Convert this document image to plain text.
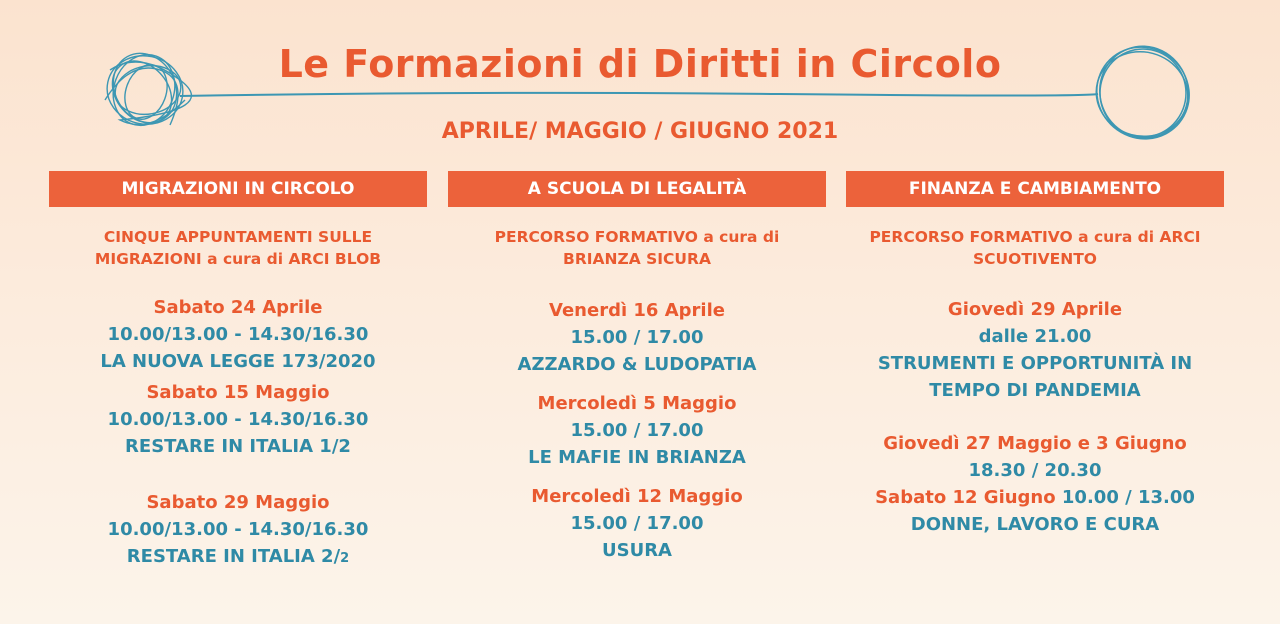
Le Formazioni di Diritti in Circolo
APRILE/ MAGGIO / GIUGNO 2021
MIGRAZIONI IN CIRCOLO
CINQUE APPUNTAMENTI SULLE
MIGRAZIONI a cura di ARCI BLOB
Sabato 24 Aprile
10.00/13.00 - 14.30/16.30
LA NUOVA LEGGE 173/2020
Sabato 15 Maggio
10.00/13.00 - 14.30/16.30
RESTARE IN ITALIA 1/2
Sabato 29 Maggio
10.00/13.00 - 14.30/16.30
RESTARE IN ITALIA 2/2
A SCUOLA DI LEGALITÀ
PERCORSO FORMATIVO a cura di
BRIANZA SICURA
Venerdì 16 Aprile
15.00 / 17.00
AZZARDO & LUDOPATIA
Mercoledì 5 Maggio
15.00 / 17.00
LE MAFIE IN BRIANZA
Mercoledì 12 Maggio
15.00 / 17.00
USURA
FINANZA E CAMBIAMENTO
PERCORSO FORMATIVO a cura di ARCI
SCUOTIVENTO
Giovedì 29 Aprile
dalle 21.00
STRUMENTI E OPPORTUNITÀ IN
TEMPO DI PANDEMIA
Giovedì 27 Maggio e 3 Giugno
18.30 / 20.30
Sabato 12 Giugno 10.00 / 13.00
DONNE, LAVORO E CURA
